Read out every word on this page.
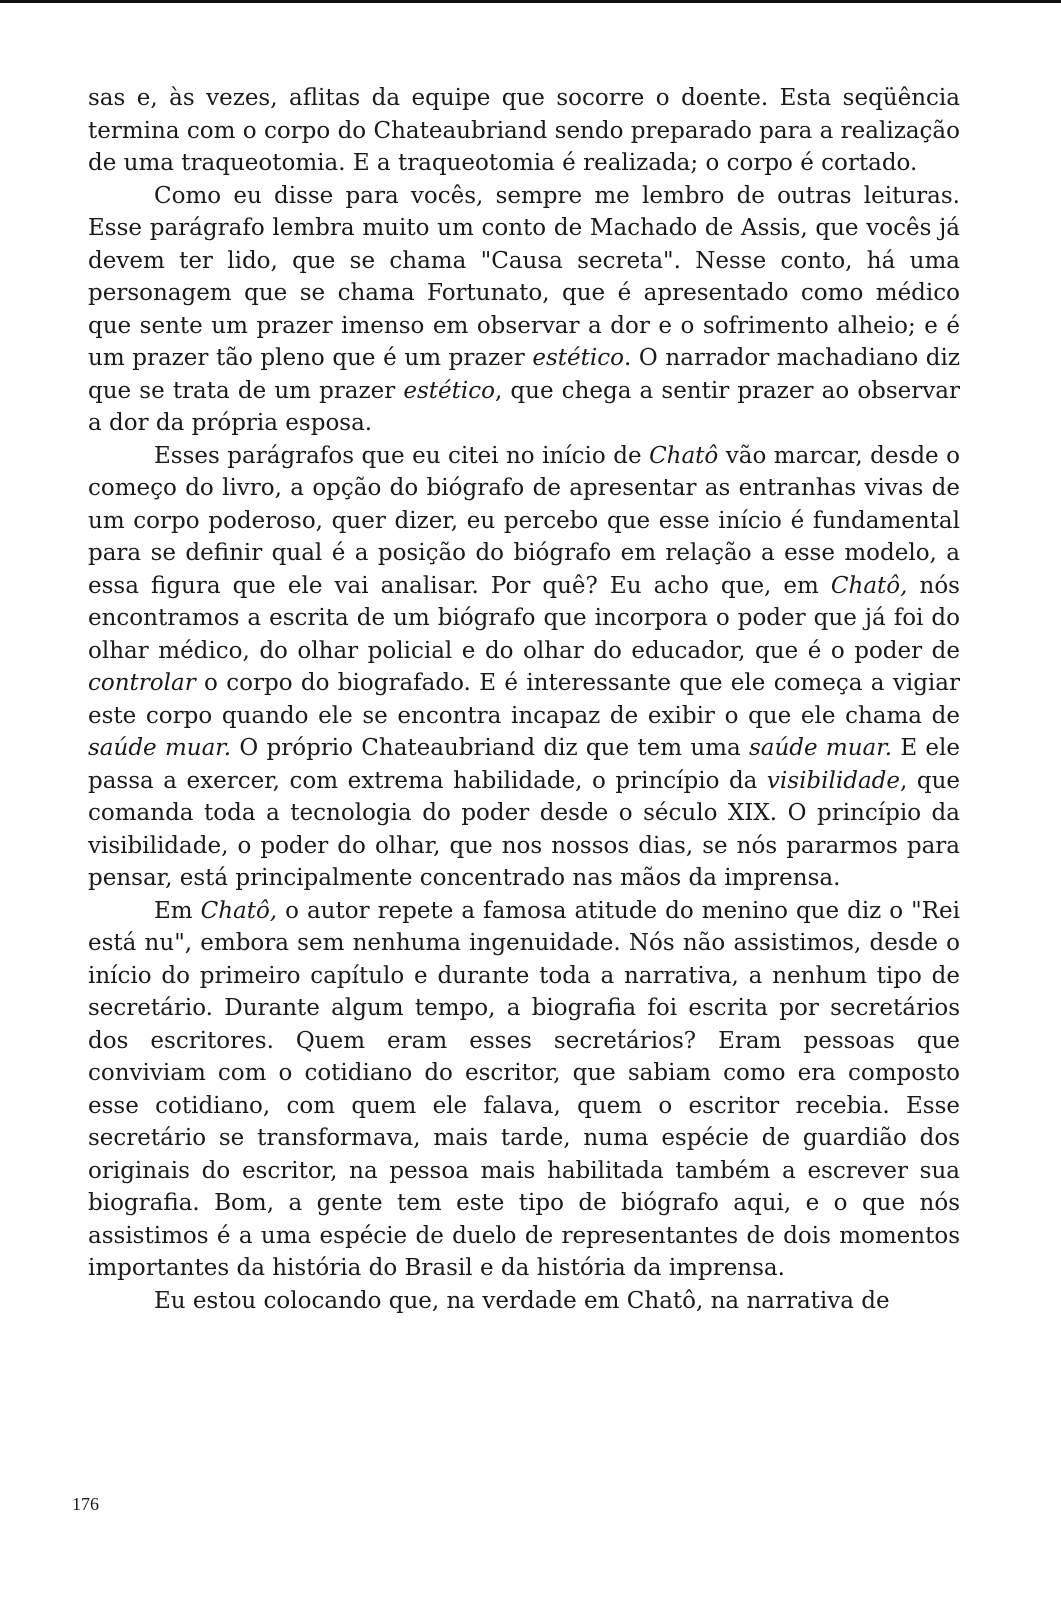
sas e, às vezes, aflitas da equipe que socorre o doente. Esta seqüência termina com o corpo do Chateaubriand sendo preparado para a realização de uma traqueotomia. E a traqueotomia é realizada; o corpo é cortado.

Como eu disse para vocês, sempre me lembro de outras leituras. Esse parágrafo lembra muito um conto de Machado de Assis, que vocês já devem ter lido, que se chama "Causa secreta". Nesse conto, há uma personagem que se chama Fortunato, que é apresentado como médico que sente um prazer imenso em observar a dor e o sofrimento alheio; e é um prazer tão pleno que é um prazer estético. O narrador machadiano diz que se trata de um prazer estético, que chega a sentir prazer ao observar a dor da própria esposa.

Esses parágrafos que eu citei no início de Chatô vão marcar, desde o começo do livro, a opção do biógrafo de apresentar as entranhas vivas de um corpo poderoso, quer dizer, eu percebo que esse início é fundamental para se definir qual é a posição do biógrafo em relação a esse modelo, a essa figura que ele vai analisar. Por quê? Eu acho que, em Chatô, nós encontramos a escrita de um biógrafo que incorpora o poder que já foi do olhar médico, do olhar policial e do olhar do educador, que é o poder de controlar o corpo do biografado. E é interessante que ele começa a vigiar este corpo quando ele se encontra incapaz de exibir o que ele chama de saúde muar. O próprio Chateaubriand diz que tem uma saúde muar. E ele passa a exercer, com extrema habilidade, o princípio da visibilidade, que comanda toda a tecnologia do poder desde o século XIX. O princípio da visibilidade, o poder do olhar, que nos nossos dias, se nós pararmos para pensar, está principalmente concentrado nas mãos da imprensa.

Em Chatô, o autor repete a famosa atitude do menino que diz o "Rei está nu", embora sem nenhuma ingenuidade. Nós não assistimos, desde o início do primeiro capítulo e durante toda a narrativa, a nenhum tipo de secretário. Durante algum tempo, a biografia foi escrita por secretários dos escritores. Quem eram esses secretários? Eram pessoas que conviviam com o cotidiano do escritor, que sabiam como era composto esse cotidiano, com quem ele falava, quem o escritor recebia. Esse secretário se transformava, mais tarde, numa espécie de guardião dos originais do escritor, na pessoa mais habilitada também a escrever sua biografia. Bom, a gente tem este tipo de biógrafo aqui, e o que nós assistimos é a uma espécie de duelo de representantes de dois momentos importantes da história do Brasil e da história da imprensa.

Eu estou colocando que, na verdade em Chatô, na narrativa de

176
